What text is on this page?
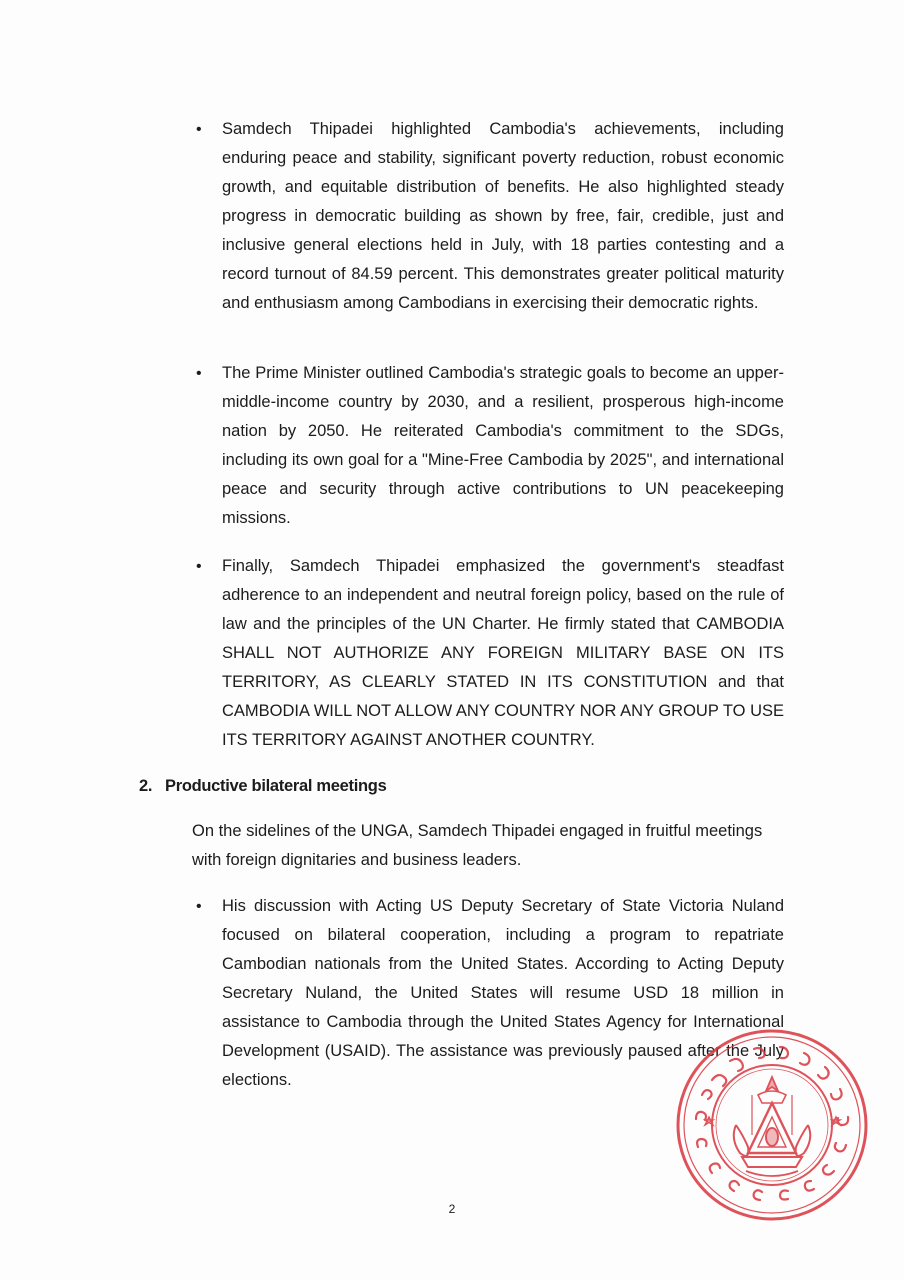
• Samdech Thipadei highlighted Cambodia's achievements, including enduring peace and stability, significant poverty reduction, robust economic growth, and equitable distribution of benefits. He also highlighted steady progress in democratic building as shown by free, fair, credible, just and inclusive general elections held in July, with 18 parties contesting and a record turnout of 84.59 percent. This demonstrates greater political maturity and enthusiasm among Cambodians in exercising their democratic rights.
• The Prime Minister outlined Cambodia's strategic goals to become an upper-middle-income country by 2030, and a resilient, prosperous high-income nation by 2050. He reiterated Cambodia's commitment to the SDGs, including its own goal for a "Mine-Free Cambodia by 2025", and international peace and security through active contributions to UN peacekeeping missions.
• Finally, Samdech Thipadei emphasized the government's steadfast adherence to an independent and neutral foreign policy, based on the rule of law and the principles of the UN Charter. He firmly stated that CAMBODIA SHALL NOT AUTHORIZE ANY FOREIGN MILITARY BASE ON ITS TERRITORY, AS CLEARLY STATED IN ITS CONSTITUTION and that CAMBODIA WILL NOT ALLOW ANY COUNTRY NOR ANY GROUP TO USE ITS TERRITORY AGAINST ANOTHER COUNTRY.
2. Productive bilateral meetings
On the sidelines of the UNGA, Samdech Thipadei engaged in fruitful meetings with foreign dignitaries and business leaders.
• His discussion with Acting US Deputy Secretary of State Victoria Nuland focused on bilateral cooperation, including a program to repatriate Cambodian nationals from the United States. According to Acting Deputy Secretary Nuland, the United States will resume USD 18 million in assistance to Cambodia through the United States Agency for International Development (USAID). The assistance was previously paused after the July elections.
2
